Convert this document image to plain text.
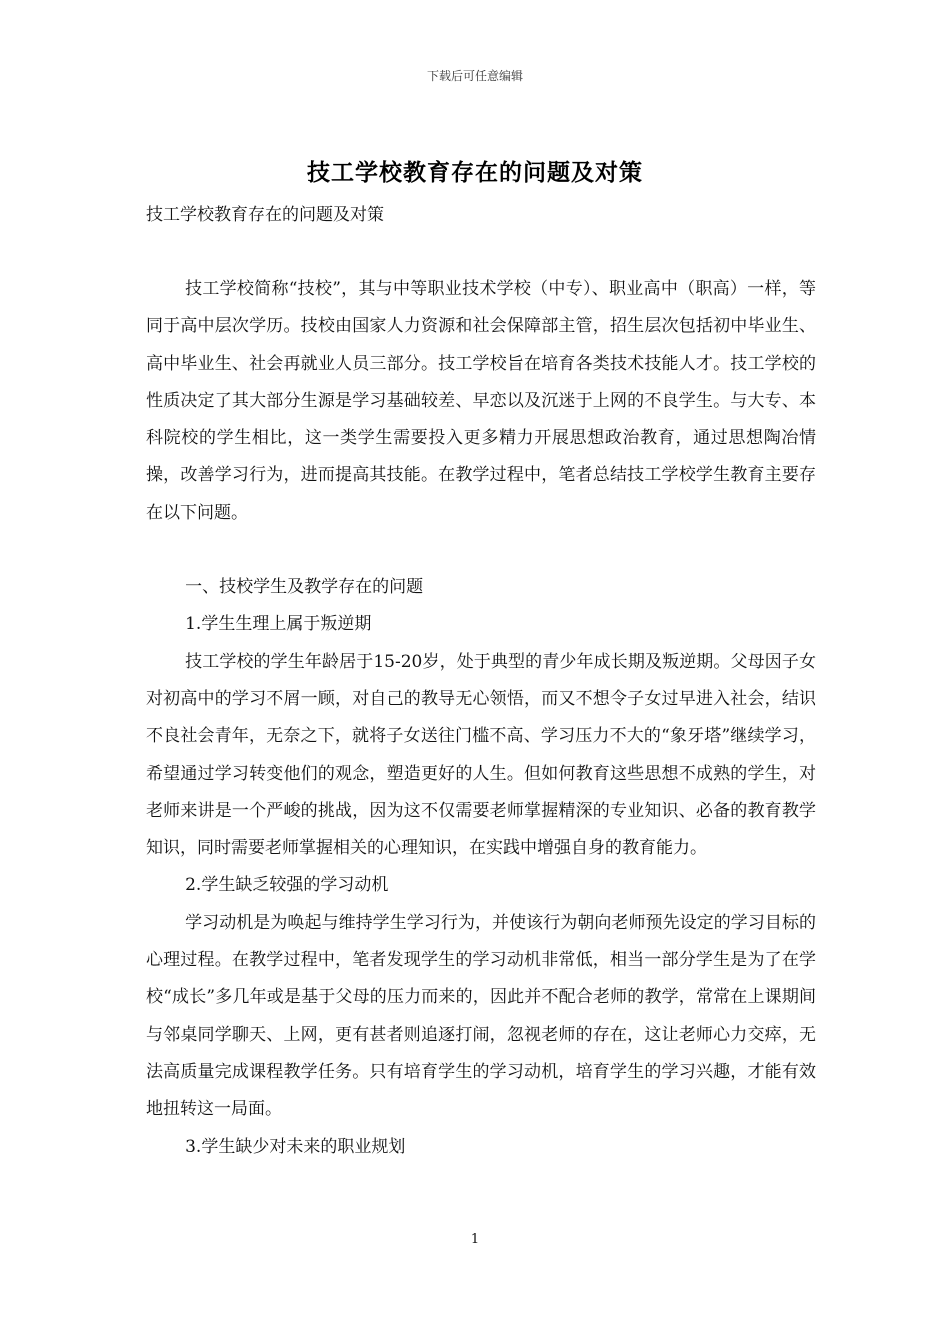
下载后可任意编辑
技工学校教育存在的问题及对策
技工学校教育存在的问题及对策

技工学校简称“技校”，其与中等职业技术学校（中专）、职业高中（职高）一样，等同于高中层次学历。技校由国家人力资源和社会保障部主管，招生层次包括初中毕业生、高中毕业生、社会再就业人员三部分。技工学校旨在培育各类技术技能人才。技工学校的性质决定了其大部分生源是学习基础较差、早恋以及沉迷于上网的不良学生。与大专、本科院校的学生相比，这一类学生需要投入更多精力开展思想政治教育，通过思想陶冶情操，改善学习行为，进而提高其技能。在教学过程中，笔者总结技工学校学生教育主要存在以下问题。

一、技校学生及教学存在的问题

1.学生生理上属于叛逆期

技工学校的学生年龄居于15-20岁，处于典型的青少年成长期及叛逆期。父母因子女对初高中的学习不屑一顾，对自己的教导无心领悟，而又不想令子女过早进入社会，结识不良社会青年，无奈之下，就将子女送往门槛不高、学习压力不大的“象牙塔”继续学习，希望通过学习转变他们的观念，塑造更好的人生。但如何教育这些思想不成熟的学生，对老师来讲是一个严峻的挑战，因为这不仅需要老师掌握精深的专业知识、必备的教育教学知识，同时需要老师掌握相关的心理知识，在实践中增强自身的教育能力。

2.学生缺乏较强的学习动机

学习动机是为唤起与维持学生学习行为，并使该行为朝向老师预先设定的学习目标的心理过程。在教学过程中，笔者发现学生的学习动机非常低，相当一部分学生是为了在学校“成长”多几年或是基于父母的压力而来的，因此并不配合老师的教学，常常在上课期间与邻桌同学聊天、上网，更有甚者则追逐打闹，忽视老师的存在，这让老师心力交瘁，无法高质量完成课程教学任务。只有培育学生的学习动机，培育学生的学习兴趣，才能有效地扭转这一局面。

3.学生缺少对未来的职业规划

1
